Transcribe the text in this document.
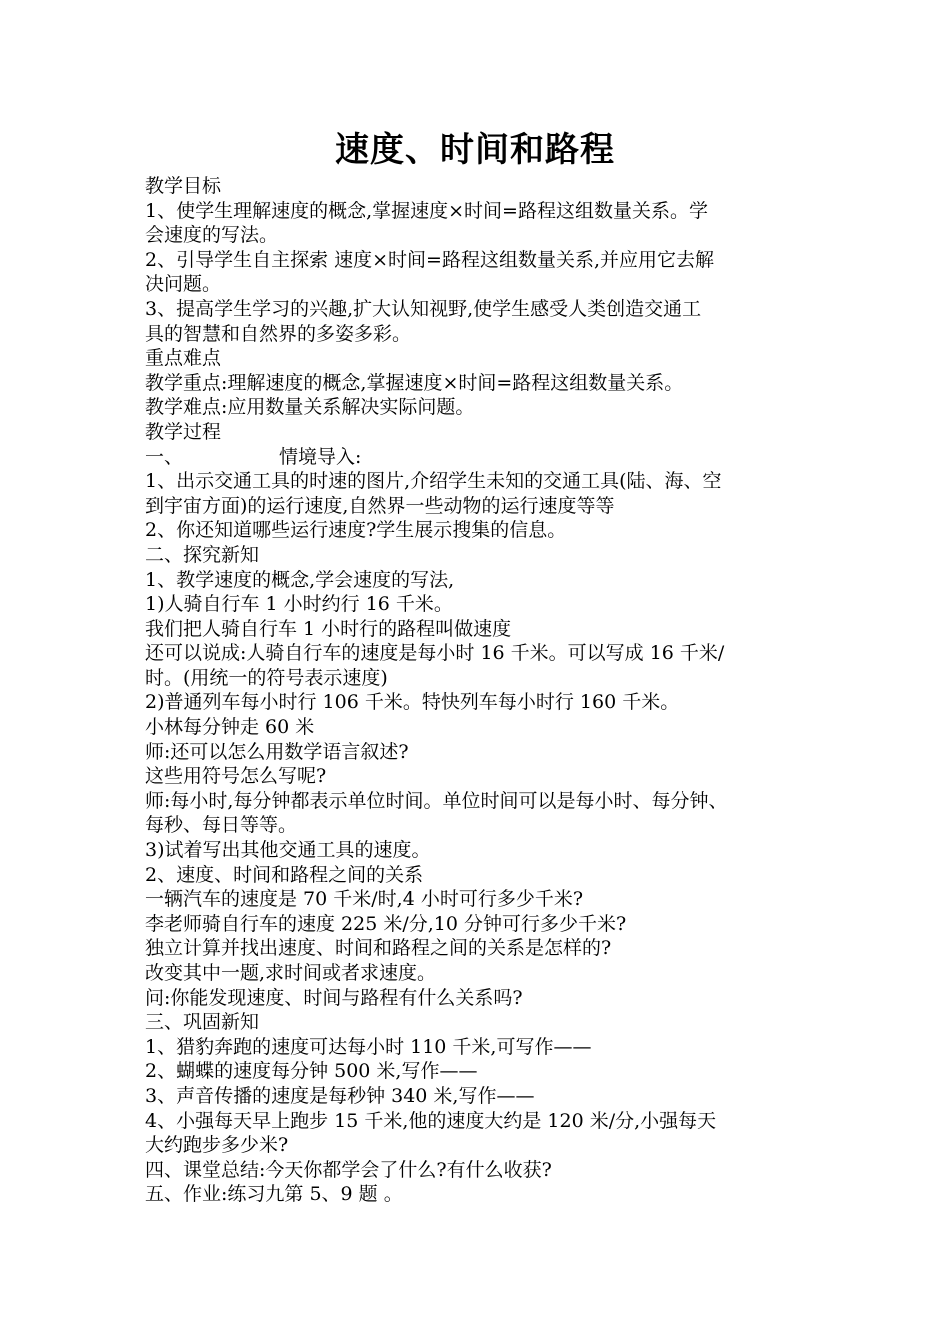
速度、时间和路程
教学目标
1、使学生理解速度的概念,掌握速度×时间=路程这组数量关系。学
会速度的写法。
2、引导学生自主探索 速度×时间=路程这组数量关系,并应用它去解
决问题。
3、提高学生学习的兴趣,扩大认知视野,使学生感受人类创造交通工
具的智慧和自然界的多姿多彩。
重点难点
教学重点:理解速度的概念,掌握速度×时间=路程这组数量关系。
教学难点:应用数量关系解决实际问题。
教学过程
一、	情境导入:
1、出示交通工具的时速的图片,介绍学生未知的交通工具(陆、海、空
到宇宙方面)的运行速度,自然界一些动物的运行速度等等
2、你还知道哪些运行速度?学生展示搜集的信息。
二、探究新知
1、教学速度的概念,学会速度的写法,
1)人骑自行车 1 小时约行 16 千米。
我们把人骑自行车 1 小时行的路程叫做速度
还可以说成:人骑自行车的速度是每小时 16 千米。可以写成 16 千米/
时。(用统一的符号表示速度)
2)普通列车每小时行 106 千米。特快列车每小时行 160 千米。
小林每分钟走 60 米
师:还可以怎么用数学语言叙述?
这些用符号怎么写呢?
师:每小时,每分钟都表示单位时间。单位时间可以是每小时、每分钟、
每秒、每日等等。
3)试着写出其他交通工具的速度。
2、速度、时间和路程之间的关系
一辆汽车的速度是 70 千米/时,4 小时可行多少千米?
李老师骑自行车的速度 225 米/分,10 分钟可行多少千米?
独立计算并找出速度、时间和路程之间的关系是怎样的?
改变其中一题,求时间或者求速度。
问:你能发现速度、时间与路程有什么关系吗?
三、巩固新知
1、猎豹奔跑的速度可达每小时 110 千米,可写作——
2、蝴蝶的速度每分钟 500 米,写作——
3、声音传播的速度是每秒钟 340 米,写作——
4、小强每天早上跑步 15 千米,他的速度大约是 120 米/分,小强每天
大约跑步多少米?
四、课堂总结:今天你都学会了什么?有什么收获?
五、作业:练习九第 5、9 题 。
